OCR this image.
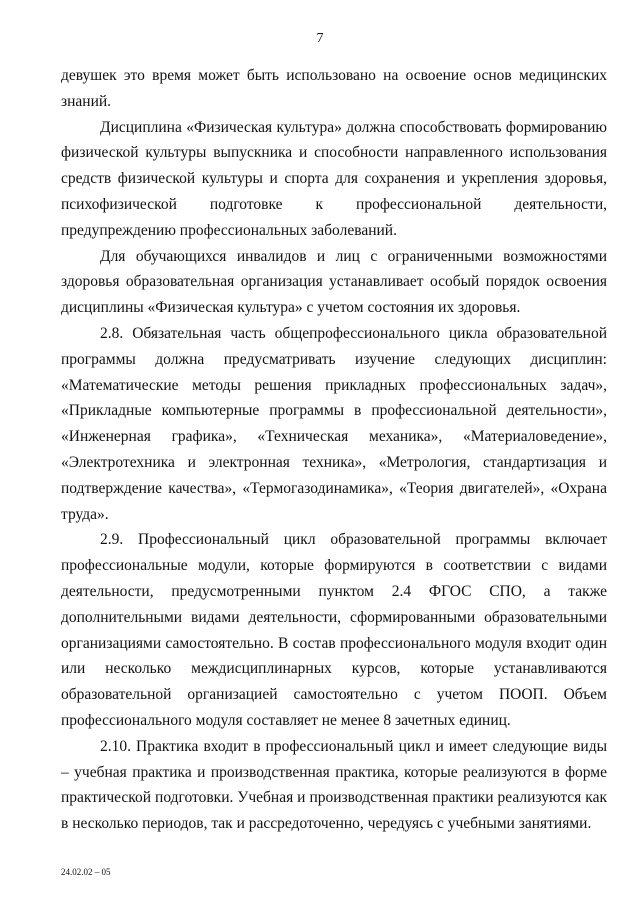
7

девушек это время может быть использовано на освоение основ медицинских знаний.

Дисциплина «Физическая культура» должна способствовать формированию физической культуры выпускника и способности направленного использования средств физической культуры и спорта для сохранения и укрепления здоровья, психофизической подготовке к профессиональной деятельности, предупреждению профессиональных заболеваний.

Для обучающихся инвалидов и лиц с ограниченными возможностями здоровья образовательная организация устанавливает особый порядок освоения дисциплины «Физическая культура» с учетом состояния их здоровья.

2.8. Обязательная часть общепрофессионального цикла образовательной программы должна предусматривать изучение следующих дисциплин: «Математические методы решения прикладных профессиональных задач», «Прикладные компьютерные программы в профессиональной деятельности», «Инженерная графика», «Техническая механика», «Материаловедение», «Электротехника и электронная техника», «Метрология, стандартизация и подтверждение качества», «Термогазодинамика», «Теория двигателей», «Охрана труда».

2.9. Профессиональный цикл образовательной программы включает профессиональные модули, которые формируются в соответствии с видами деятельности, предусмотренными пунктом 2.4 ФГОС СПО, а также дополнительными видами деятельности, сформированными образовательными организациями самостоятельно. В состав профессионального модуля входит один или несколько междисциплинарных курсов, которые устанавливаются образовательной организацией самостоятельно с учетом ПООП. Объем профессионального модуля составляет не менее 8 зачетных единиц.

2.10. Практика входит в профессиональный цикл и имеет следующие виды – учебная практика и производственная практика, которые реализуются в форме практической подготовки. Учебная и производственная практики реализуются как в несколько периодов, так и рассредоточенно, чередуясь с учебными занятиями.

24.02.02 – 05
